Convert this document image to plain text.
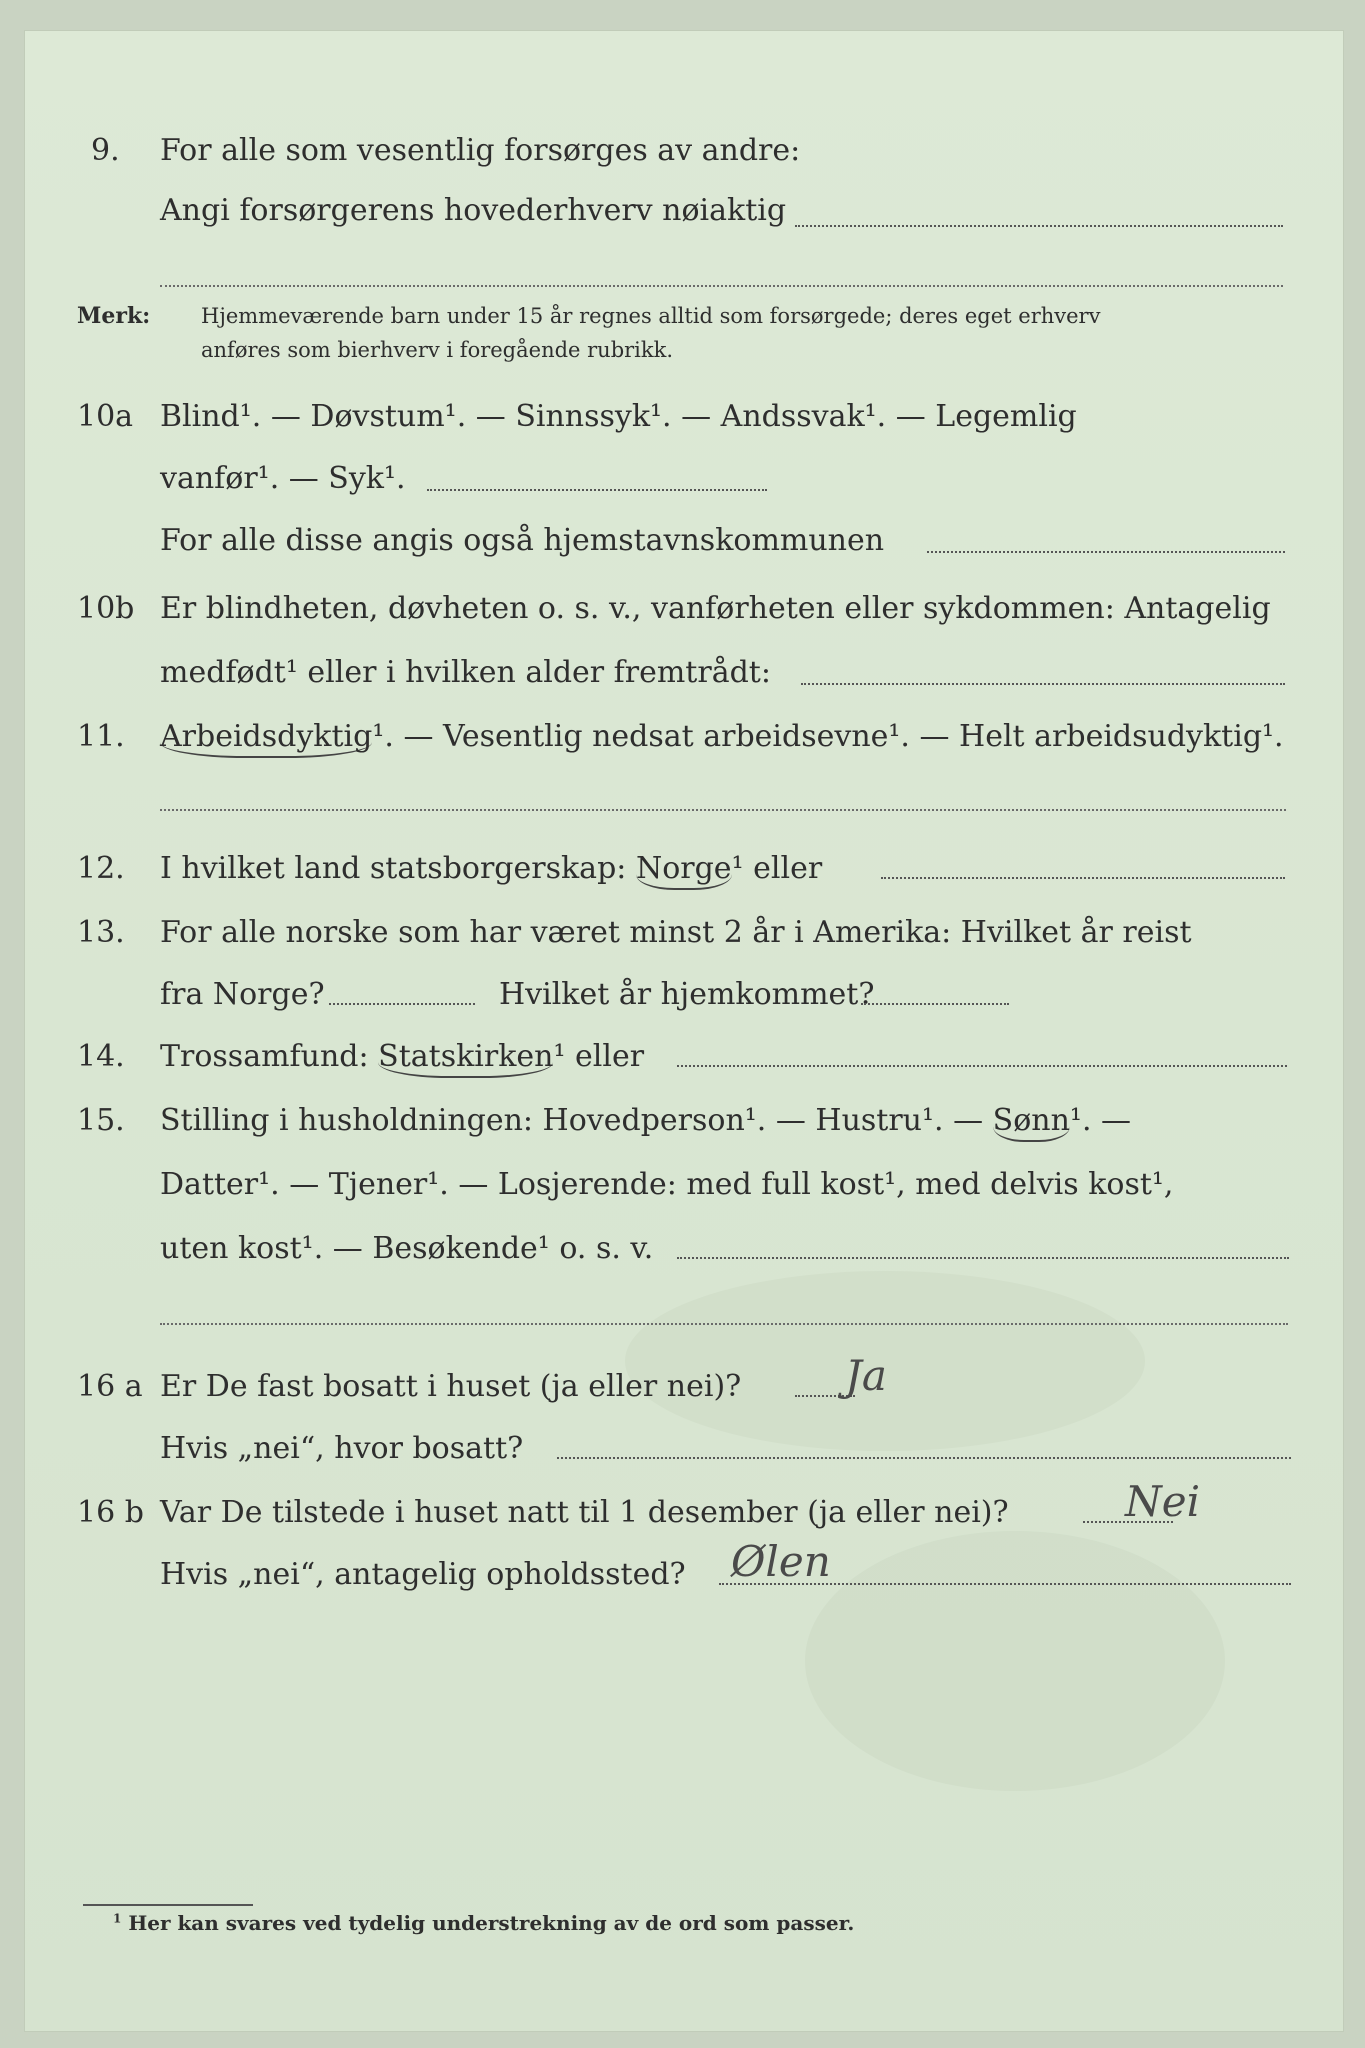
9. For alle som vesentlig forsørges av andre:
Angi forsørgerens hovederhverv nøiaktig
Merk: Hjemmeværende barn under 15 år regnes alltid som forsørgede; deres eget erhverv
anføres som bierhverv i foregående rubrikk.
10a Blind¹. — Døvstum¹. — Sinnssyk¹. — Andssvak¹. — Legemlig
vanfør¹. — Syk¹.
For alle disse angis også hjemstavnskommunen
10b Er blindheten, døvheten o. s. v., vanførheten eller sykdommen: Antagelig
medfødt¹ eller i hvilken alder fremtrådt:
11. Arbeidsdyktig¹. — Vesentlig nedsat arbeidsevne¹. — Helt arbeidsudyktig¹.
12. I hvilket land statsborgerskap: Norge¹ eller
13. For alle norske som har været minst 2 år i Amerika: Hvilket år reist
fra Norge?	Hvilket år hjemkommet?
14. Trossamfund: Statskirken¹ eller
15. Stilling i husholdningen: Hovedperson¹. — Hustru¹. — Sønn¹. —
Datter¹. — Tjener¹. — Losjerende: med full kost¹, med delvis kost¹,
uten kost¹. — Besøkende¹ o. s. v.
16 a Er De fast bosatt i huset (ja eller nei)? Ja
Hvis „nei“, hvor bosatt?
16 b Var De tilstede i huset natt til 1 desember (ja eller nei)?	Nei
Hvis „nei“, antagelig opholdssted? Ølen
$^1$ Her kan svares ved tydelig understrekning av de ord som passer.
